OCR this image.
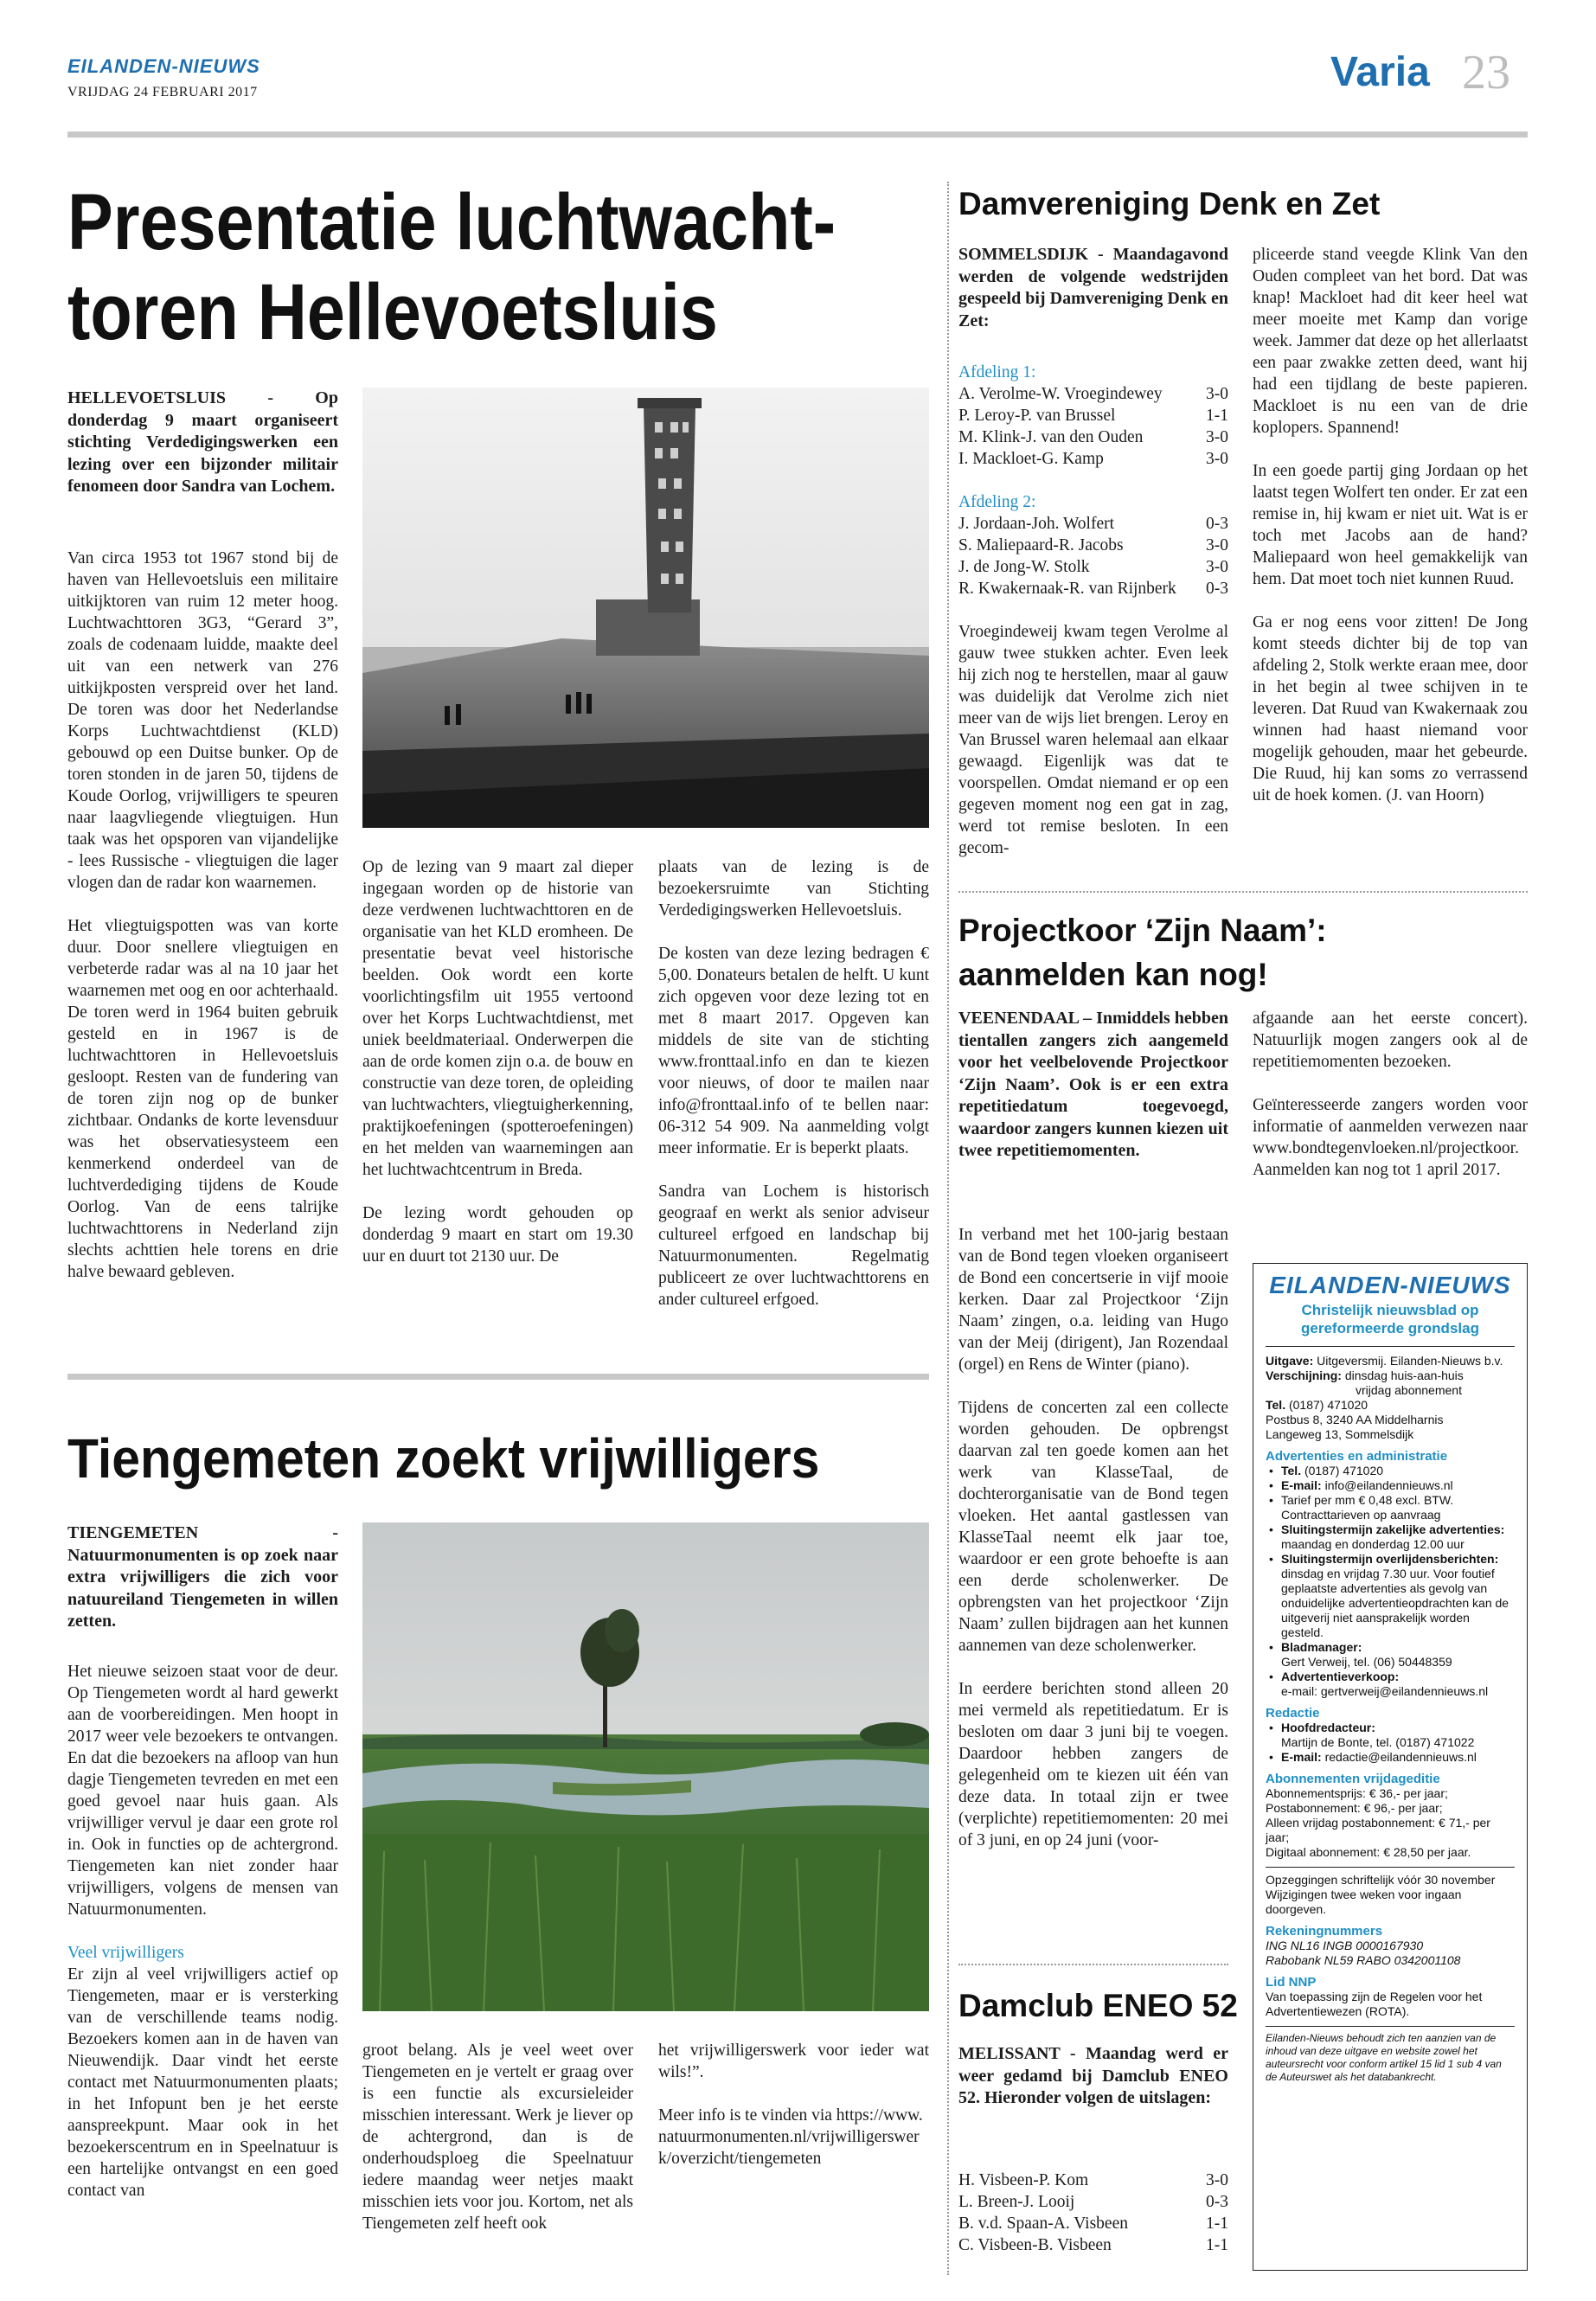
EILANDEN-NIEUWS
VRIJDAG 24 FEBRUARI 2017	Varia 23
Presentatie luchtwacht-
toren Hellevoetsluis
HELLEVOETSLUIS - Op donderdag 9 maart organiseert stichting Verdedigingswerken een lezing over een bijzonder militair fenomeen door Sandra van Lochem.

Van circa 1953 tot 1967 stond bij de haven van Hellevoetsluis een militaire uitkijktoren van ruim 12 meter hoog. Luchtwachttoren 3G3, “Gerard 3”, zoals de codenaam luidde, maakte deel uit van een netwerk van 276 uitkijkposten verspreid over het land. De toren was door het Nederlandse Korps Luchtwachtdienst (KLD) gebouwd op een Duitse bunker. Op de toren stonden in de jaren 50, tijdens de Koude Oorlog, vrijwilligers te speuren naar laagvliegende vliegtuigen. Hun taak was het opsporen van vijandelijke - lees Russische - vliegtuigen die lager vlogen dan de radar kon waarnemen.

Het vliegtuigspotten was van korte duur. Door snellere vliegtuigen en verbeterde radar was al na 10 jaar het waarnemen met oog en oor achterhaald. De toren werd in 1964 buiten gebruik gesteld en in 1967 is de luchtwachttoren in Hellevoetsluis gesloopt. Resten van de fundering van de toren zijn nog op de bunker zichtbaar. Ondanks de korte levensduur was het observatiesysteem een kenmerkend onderdeel van de luchtverdediging tijdens de Koude Oorlog. Van de eens talrijke luchtwachttorens in Nederland zijn slechts achttien hele torens en drie halve bewaard gebleven.

Op de lezing van 9 maart zal dieper ingegaan worden op de historie van deze verdwenen luchtwachttoren en de organisatie van het KLD eromheen. De presentatie bevat veel historische beelden. Ook wordt een korte voorlichtingsfilm uit 1955 vertoond over het Korps Luchtwachtdienst, met uniek beeldmateriaal. Onderwerpen die aan de orde komen zijn o.a. de bouw en constructie van deze toren, de opleiding van luchtwachters, vliegtuigherkenning, praktijkoefeningen (spotteroefeningen) en het melden van waarnemingen aan het luchtwachtcentrum in Breda.

De lezing wordt gehouden op donderdag 9 maart en start om 19.30 uur en duurt tot 2130 uur. De

plaats van de lezing is de bezoekersruimte van Stichting Verdedigingswerken Hellevoetsluis.

De kosten van deze lezing bedragen € 5,00. Donateurs betalen de helft. U kunt zich opgeven voor deze lezing tot en met 8 maart 2017. Opgeven kan middels de site van de stichting www.fronttaal.info en dan te kiezen voor nieuws, of door te mailen naar info@fronttaal.info of te bellen naar: 06-312 54 909. Na aanmelding volgt meer informatie. Er is beperkt plaats.

Sandra van Lochem is historisch geograaf en werkt als senior adviseur cultureel erfgoed en landschap bij Natuurmonumenten. Regelmatig publiceert ze over luchtwachttorens en ander cultureel erfgoed.

Tiengemeten zoekt vrijwilligers
TIENGEMETEN - Natuurmonumenten is op zoek naar extra vrijwilligers die zich voor natuureiland Tiengemeten in willen zetten.

Het nieuwe seizoen staat voor de deur. Op Tiengemeten wordt al hard gewerkt aan de voorbereidingen. Men hoopt in 2017 weer vele bezoekers te ontvangen. En dat die bezoekers na afloop van hun dagje Tiengemeten tevreden en met een goed gevoel naar huis gaan. Als vrijwilliger vervul je daar een grote rol in. Ook in functies op de achtergrond. Tiengemeten kan niet zonder haar vrijwilligers, volgens de mensen van Natuurmonumenten.

Veel vrijwilligers

Er zijn al veel vrijwilligers actief op Tiengemeten, maar er is versterking van de verschillende teams nodig. Bezoekers komen aan in de haven van Nieuwendijk. Daar vindt het eerste contact met Natuurmonumenten plaats; in het Infopunt ben je het eerste aanspreekpunt. Maar ook in het bezoekerscentrum en in Speelnatuur is een hartelijke ontvangst en een goed contact van

groot belang. Als je veel weet over Tiengemeten en je vertelt er graag over is een functie als excursieleider misschien interessant. Werk je liever op de achtergrond, dan is de onderhoudsploeg die Speelnatuur iedere maandag weer netjes maakt misschien iets voor jou. Kortom, net als Tiengemeten zelf heeft ook

het vrijwilligerswerk voor ieder wat wils!”.

Meer info is te vinden via https://www.natuurmonumenten.nl/vrijwilligerswerk/overzicht/tiengemeten

Damvereniging Denk en Zet
SOMMELSDIJK - Maandagavond werden de volgende wedstrijden gespeeld bij Damvereniging Denk en Zet:
Afdeling 1:
A. Verolme-W. Vroegindewey	3-0
P. Leroy-P. van Brussel	1-1
M. Klink-J. van den Ouden	3-0
I. Mackloet-G. Kamp	3-0
Afdeling 2:
J. Jordaan-Joh. Wolfert	0-3
S. Maliepaard-R. Jacobs	3-0
J. de Jong-W. Stolk	3-0
R. Kwakernaak-R. van Rijnberk 0-3

Vroegindeweij kwam tegen Verolme al gauw twee stukken achter. Even leek hij zich nog te herstellen, maar al gauw was duidelijk dat Verolme zich niet meer van de wijs liet brengen. Leroy en Van Brussel waren helemaal aan elkaar gewaagd. Eigenlijk was dat te voorspellen. Omdat niemand er op een gegeven moment nog een gat in zag, werd tot remise besloten. In een gecom-

pliceerde stand veegde Klink Van den Ouden compleet van het bord. Dat was knap! Mackloet had dit keer heel wat meer moeite met Kamp dan vorige week. Jammer dat deze op het allerlaatst een paar zwakke zetten deed, want hij had een tijdlang de beste papieren. Mackloet is nu een van de drie koplopers. Spannend!

In een goede partij ging Jordaan op het laatst tegen Wolfert ten onder. Er zat een remise in, hij kwam er niet uit. Wat is er toch met Jacobs aan de hand? Maliepaard won heel gemakkelijk van hem. Dat moet toch niet kunnen Ruud.

Ga er nog eens voor zitten! De Jong komt steeds dichter bij de top van afdeling 2, Stolk werkte eraan mee, door in het begin al twee schijven in te leveren. Dat Ruud van Kwakernaak zou winnen had haast niemand voor mogelijk gehouden, maar het gebeurde. Die Ruud, hij kan soms zo verrassend uit de hoek komen. (J. van Hoorn)

Projectkoor ‘Zijn Naam’:
aanmelden kan nog!
VEENENDAAL – Inmiddels hebben tientallen zangers zich aangemeld voor het veelbelovende Projectkoor ‘Zijn Naam’. Ook is er een extra repetitiedatum toegevoegd, waardoor zangers kunnen kiezen uit twee repetitiemomenten.

In verband met het 100-jarig bestaan van de Bond tegen vloeken organiseert de Bond een concertserie in vijf mooie kerken. Daar zal Projectkoor ‘Zijn Naam’ zingen, o.a. leiding van Hugo van der Meij (dirigent), Jan Rozendaal (orgel) en Rens de Winter (piano).

Tijdens de concerten zal een collecte worden gehouden. De opbrengst daarvan zal ten goede komen aan het werk van KlasseTaal, de dochterorganisatie van de Bond tegen vloeken. Het aantal gastlessen van KlasseTaal neemt elk jaar toe, waardoor er een grote behoefte is aan een derde scholenwerker. De opbrengsten van het projectkoor ‘Zijn Naam’ zullen bijdragen aan het kunnen aannemen van deze scholenwerker.

In eerdere berichten stond alleen 20 mei vermeld als repetitiedatum. Er is besloten om daar 3 juni bij te voegen. Daardoor hebben zangers de gelegenheid om te kiezen uit één van deze data. In totaal zijn er twee (verplichte) repetitiemomenten: 20 mei of 3 juni, en op 24 juni (voor-

afgaande aan het eerste concert). Natuurlijk mogen zangers ook al de repetitiemomenten bezoeken.

Geïnteresseerde zangers worden voor informatie of aanmelden verwezen naar www.bondtegenvloeken.nl/projectkoor. Aanmelden kan nog tot 1 april 2017.

EILANDEN-NIEUWS
Christelijk nieuwsblad op
gereformeerde grondslag
Uitgave: Uitgeversmij. Eilanden-Nieuws b.v.
Verschijning: dinsdag huis-aan-huis
vrijdag abonnement
Tel. (0187) 471020
Postbus 8, 3240 AA Middelharnis
Langeweg 13, Sommelsdijk
Advertenties en administratie
• Tel. (0187) 471020
• E-mail: info@eilandennieuws.nl
• Tarief per mm € 0,48 excl. BTW.
Contracttarieven op aanvraag
• Sluitingstermijn zakelijke advertenties:
maandag en donderdag 12.00 uur
• Sluitingstermijn overlijdensberichten:
dinsdag en vrijdag 7.30 uur. Voor foutief geplaatste advertenties als gevolg van onduidelijke advertentieopdrachten kan de uitgeverij niet aansprakelijk worden gesteld.
• Bladmanager:
Gert Verweij, tel. (06) 50448359
• Advertentieverkoop:
e-mail: gertverweij@eilandennieuws.nl
Redactie
• Hoofdredacteur:
Martijn de Bonte, tel. (0187) 471022
• E-mail: redactie@eilandennieuws.nl
Abonnementen vrijdageditie
Abonnementsprijs: € 36,- per jaar;
Postabonnement: € 96,- per jaar;
Alleen vrijdag postabonnement: € 71,- per jaar;
Digitaal abonnement: € 28,50 per jaar.
Opzeggingen schriftelijk vóór 30 november Wijzigingen twee weken voor ingaan doorgeven.
Rekeningnummers
ING NL16 INGB 0000167930
Rabobank NL59 RABO 0342001108
Lid NNP
Van toepassing zijn de Regelen voor het Advertentiewezen (ROTA).
Eilanden-Nieuws behoudt zich ten aanzien van de inhoud van deze uitgave en website zowel het auteursrecht voor conform artikel 15 lid 1 sub 4 van de Auteurswet als het databankrecht.
Damclub ENEO 52
MELISSANT - Maandag werd er weer gedamd bij Damclub ENEO 52. Hieronder volgen de uitslagen:
H. Visbeen-P. Kom	3-0
L. Breen-J. Looij	0-3
B. v.d. Spaan-A. Visbeen	1-1
C. Visbeen-B. Visbeen	1-1
